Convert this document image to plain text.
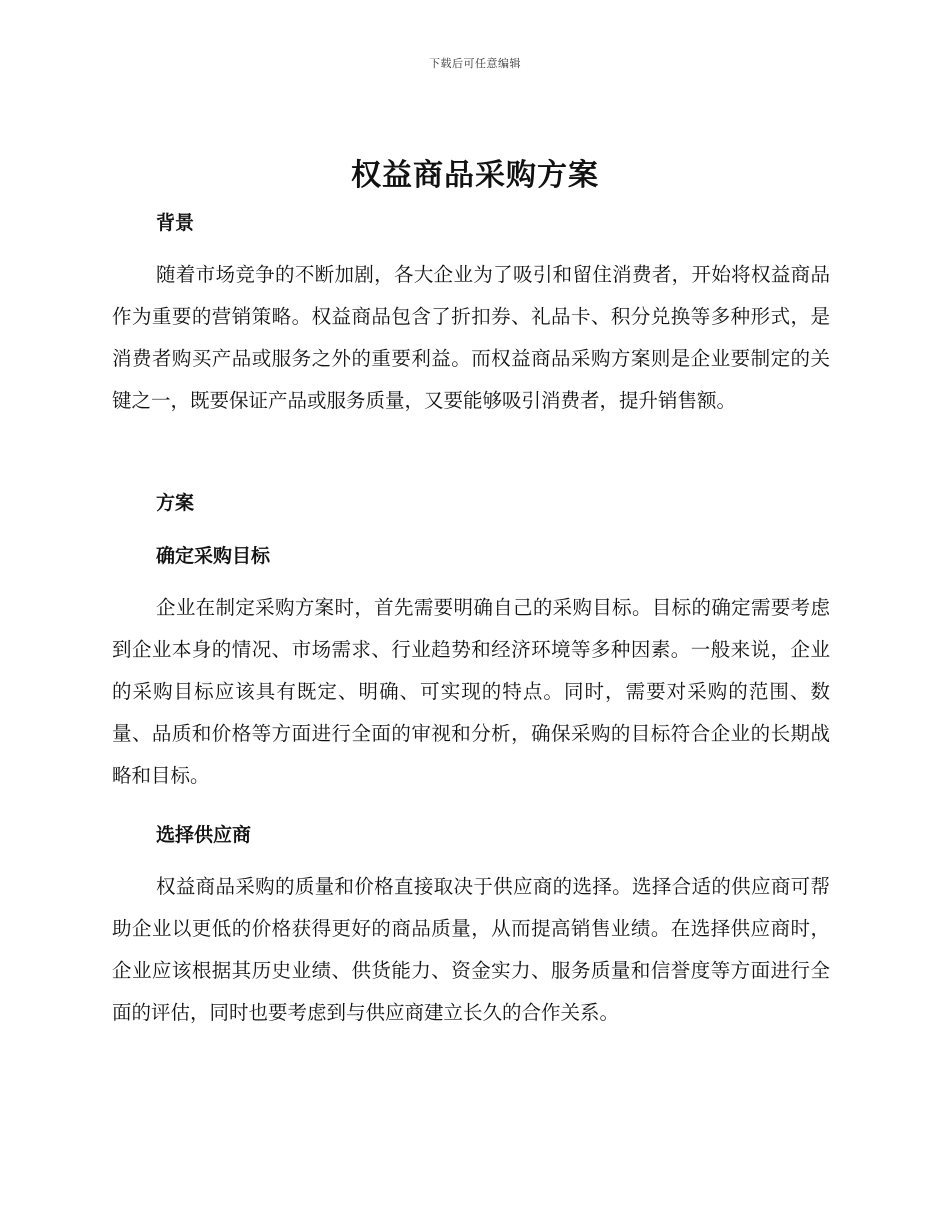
下载后可任意编辑
权益商品采购方案
背景

随着市场竞争的不断加剧，各大企业为了吸引和留住消费者，开始将权益商品作为重要的营销策略。权益商品包含了折扣券、礼品卡、积分兑换等多种形式，是消费者购买产品或服务之外的重要利益。而权益商品采购方案则是企业要制定的关键之一，既要保证产品或服务质量，又要能够吸引消费者，提升销售额。

方案
确定采购目标

企业在制定采购方案时，首先需要明确自己的采购目标。目标的确定需要考虑到企业本身的情况、市场需求、行业趋势和经济环境等多种因素。一般来说，企业的采购目标应该具有既定、明确、可实现的特点。同时，需要对采购的范围、数量、品质和价格等方面进行全面的审视和分析，确保采购的目标符合企业的长期战略和目标。

选择供应商

权益商品采购的质量和价格直接取决于供应商的选择。选择合适的供应商可帮助企业以更低的价格获得更好的商品质量，从而提高销售业绩。在选择供应商时，企业应该根据其历史业绩、供货能力、资金实力、服务质量和信誉度等方面进行全面的评估，同时也要考虑到与供应商建立长久的合作关系。
